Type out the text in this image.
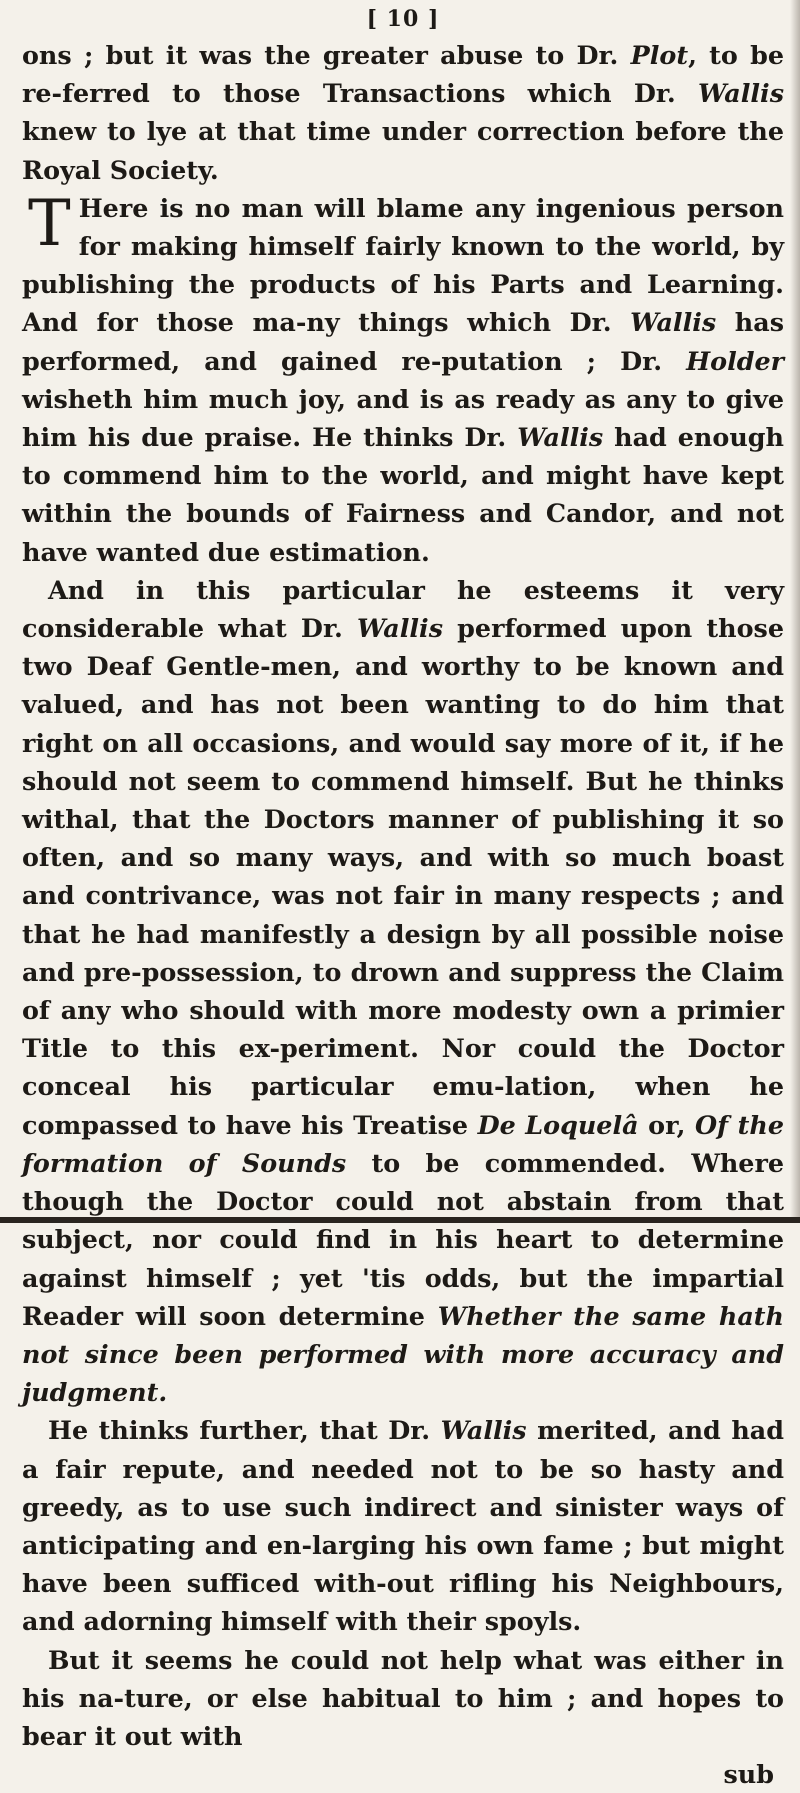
[ 10 ]

ons ; but it was the greater abuse to Dr. Plot, to be re-ferred to those Transactions which Dr. Wallis knew to lye at that time under correction before the Royal Society.

T Here is no man will blame any ingenious person for making himself fairly known to the world, by publishing the products of his Parts and Learning. And for those ma-ny things which Dr. Wallis has performed, and gained re-putation ; Dr. Holder wisheth him much joy, and is as ready as any to give him his due praise. He thinks Dr. Wallis had enough to commend him to the world, and might have kept within the bounds of Fairness and Candor, and not have wanted due estimation.

And in this particular he esteems it very considerable what Dr. Wallis performed upon those two Deaf Gentle-men, and worthy to be known and valued, and has not been wanting to do him that right on all occasions, and would say more of it, if he should not seem to commend himself. But he thinks withal, that the Doctors manner of publishing it so often, and so many ways, and with so much boast and contrivance, was not fair in many respects ; and that he had manifestly a design by all possible noise and pre-possession, to drown and suppress the Claim of any who should with more modesty own a primier Title to this ex-periment. Nor could the Doctor conceal his particular emu-lation, when he compassed to have his Treatise De Loquelâ or, Of the formation of Sounds to be commended. Where though the Doctor could not abstain from that subject, nor could find in his heart to determine against himself ; yet 'tis odds, but the impartial Reader will soon determine Whether the same hath not since been performed with more accuracy and judgment.

He thinks further, that Dr. Wallis merited, and had a fair repute, and needed not to be so hasty and greedy, as to use such indirect and sinister ways of anticipating and en-larging his own fame ; but might have been sufficed with-out rifling his Neighbours, and adorning himself with their spoyls.

But it seems he could not help what was either in his na-ture, or else habitual to him ; and hopes to bear it out with

sub
